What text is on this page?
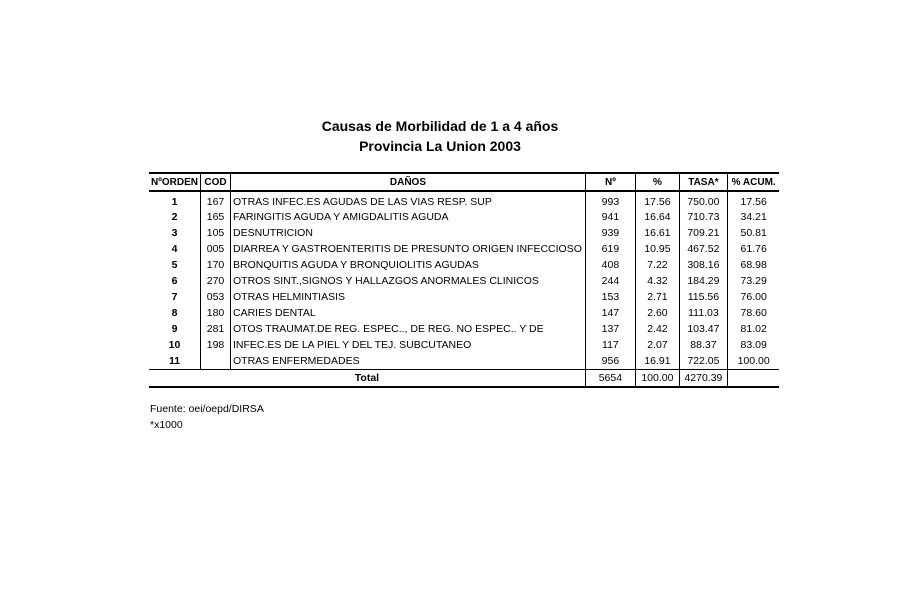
Causas de Morbilidad de 1 a 4 años
Provincia La Union 2003
NºORDEN	COD	DAÑOS	Nº	%	TASA*	% ACUM.
1	167	OTRAS INFEC.ES AGUDAS DE LAS VIAS RESP. SUP	993	17.56	750.00	17.56
2	165	FARINGITIS AGUDA Y AMIGDALITIS AGUDA	941	16.64	710.73	34.21
3	105	DESNUTRICION	939	16.61	709.21	50.81
4	005	DIARREA Y GASTROENTERITIS DE PRESUNTO ORIGEN INFECCIOSO	619	10.95	467.52	61.76
5	170	BRONQUITIS AGUDA Y BRONQUIOLITIS AGUDAS	408	7.22	308.16	68.98
6	270	OTROS SINT.,SIGNOS Y HALLAZGOS ANORMALES CLINICOS	244	4.32	184.29	73.29
7	053	OTRAS HELMINTIASIS	153	2.71	115.56	76.00
8	180	CARIES DENTAL	147	2.60	111.03	78.60
9	281	OTOS TRAUMAT.DE REG. ESPEC.., DE REG. NO ESPEC.. Y DE	137	2.42	103.47	81.02
10	198	INFEC.ES DE LA PIEL Y DEL TEJ. SUBCUTANEO	117	2.07	88.37	83.09
11		OTRAS ENFERMEDADES	956	16.91	722.05	100.00
Total			5654	100.00	4270.39	
Fuente: oei/oepd/DIRSA
*x1000
